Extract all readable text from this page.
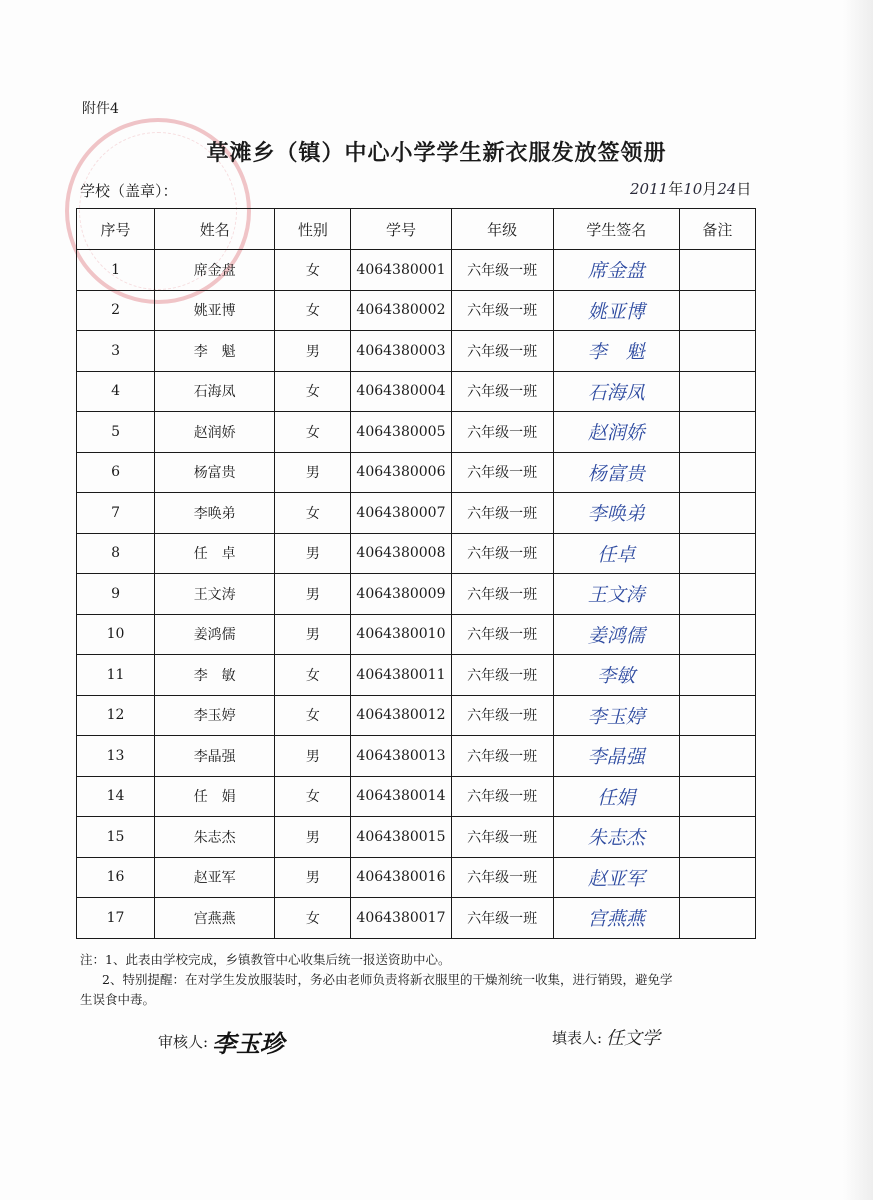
附件4
草滩乡（镇）中心小学学生新衣服发放签领册
学校（盖章）：	2011 年 10 月 24 日
序号	姓名	性别	学号	年级	学生签名	备注
1	席金盘	女	4064380001	六年级一班	席金盘	
2	姚亚博	女	4064380002	六年级一班	姚亚博	
3	李　魁	男	4064380003	六年级一班	李　魁	
4	石海凤	女	4064380004	六年级一班	石海凤	
5	赵润娇	女	4064380005	六年级一班	赵润娇	
6	杨富贵	男	4064380006	六年级一班	杨富贵	
7	李唤弟	女	4064380007	六年级一班	李唤弟	
8	任　卓	男	4064380008	六年级一班	任卓	
9	王文涛	男	4064380009	六年级一班	王文涛	
10	姜鸿儒	男	4064380010	六年级一班	姜鸿儒	
11	李　敏	女	4064380011	六年级一班	李敏	
12	李玉婷	女	4064380012	六年级一班	李玉婷	
13	李晶强	男	4064380013	六年级一班	李晶强	
14	任　娟	女	4064380014	六年级一班	任娟	
15	朱志杰	男	4064380015	六年级一班	朱志杰	
16	赵亚军	男	4064380016	六年级一班	赵亚军	
17	宫燕燕	女	4064380017	六年级一班	宫燕燕	

注：1、此表由学校完成，乡镇教管中心收集后统一报送资助中心。

2、特别提醒：在对学生发放服装时，务必由老师负责将新衣服里的干燥剂统一收集，进行销毁，避免学

生误食中毒。

审核人: 李玉珍	填表人: 任文学
